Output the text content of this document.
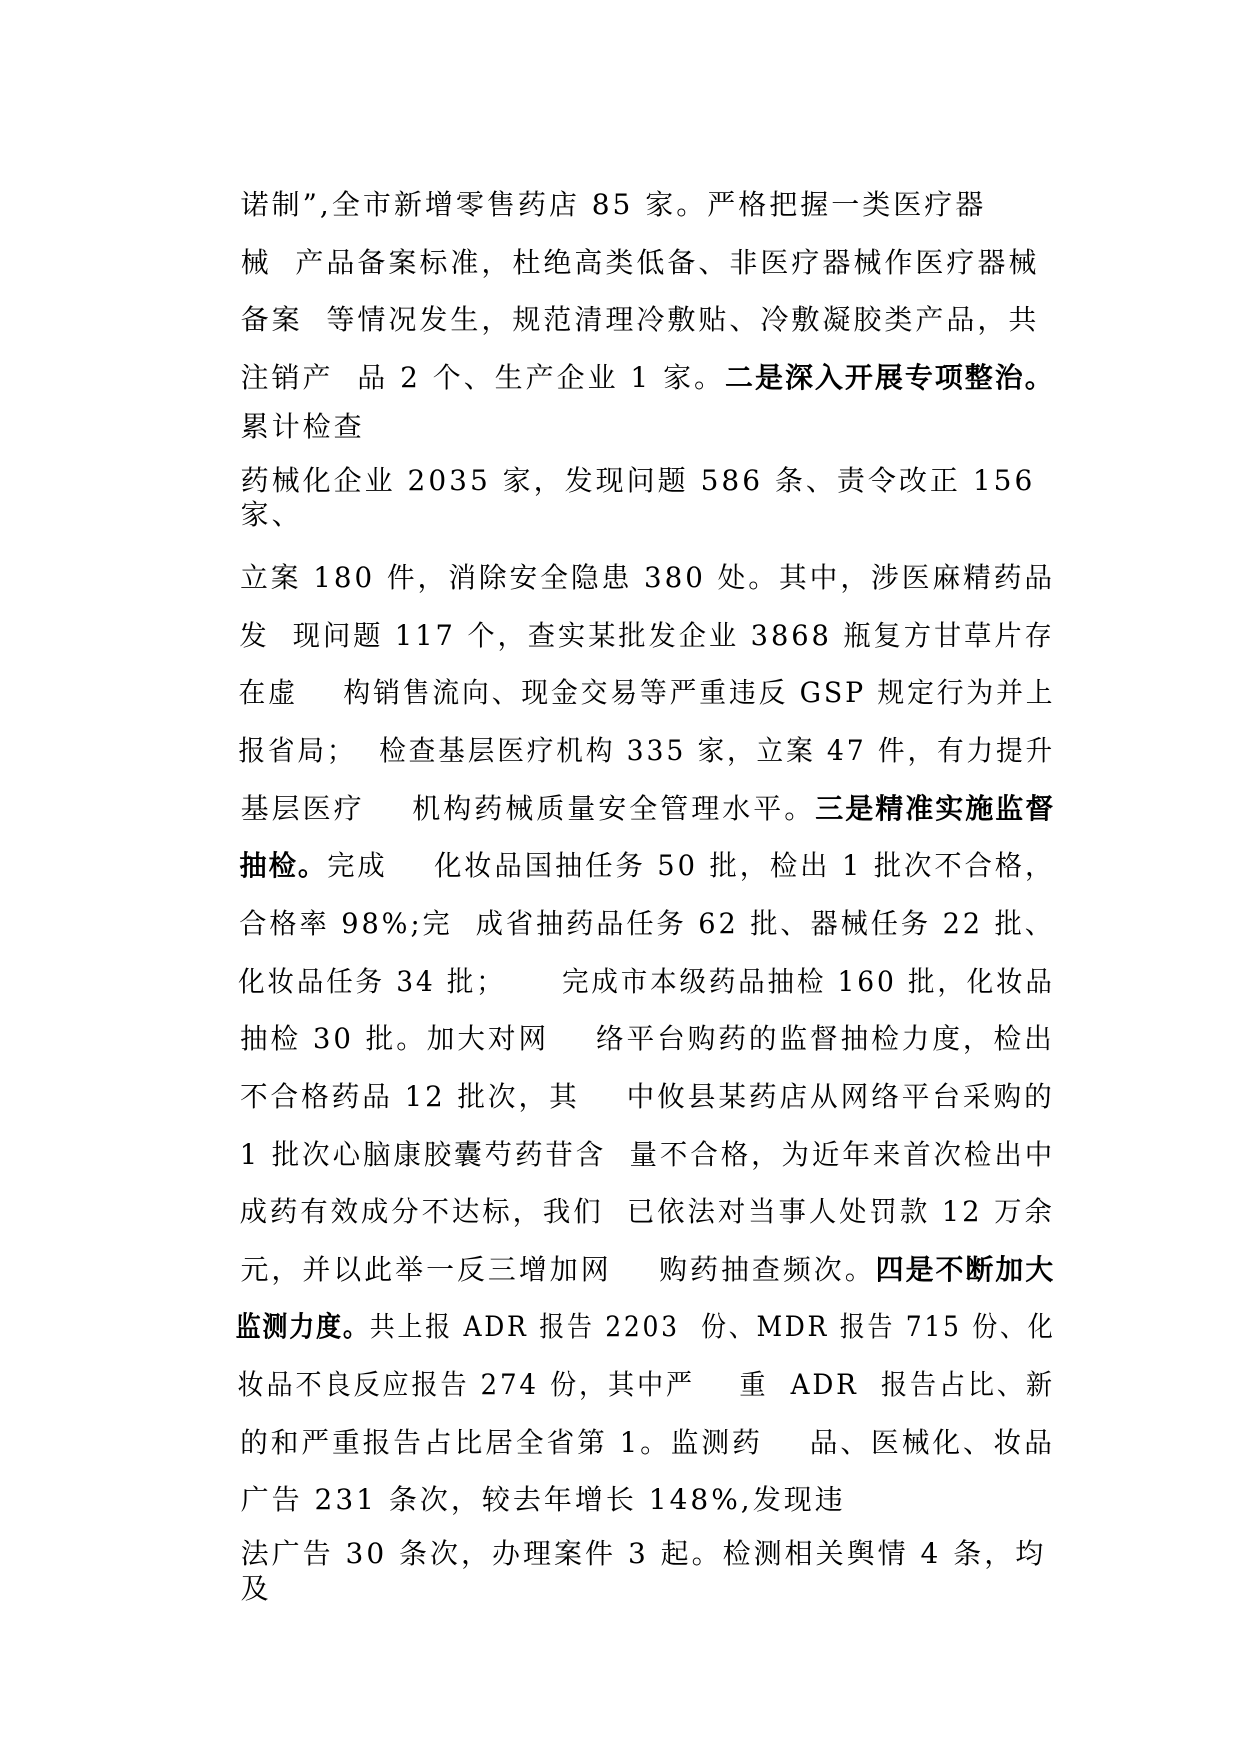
诺制”,全市新增零售药店 85 家。严格把握一类医疗器

械  产品备案标准，杜绝高类低备、非医疗器械作医疗器械

备案  等情况发生，规范清理冷敷贴、冷敷凝胶类产品，共

注销产  品 2 个、生产企业 1 家。二是深入开展专项整治。

累计检查

药械化企业 2035 家，发现问题 586 条、责令改正 156

家、

立案 180 件，消除安全隐患 380 处。其中，涉医麻精药品

发  现问题 117 个，查实某批发企业 3868 瓶复方甘草片存

在虚    构销售流向、现金交易等严重违反 GSP 规定行为并上

报省局；  检查基层医疗机构 335 家，立案 47 件，有力提升

基层医疗    机构药械质量安全管理水平。三是精准实施监督

抽检。完成    化妆品国抽任务 50 批，检出 1 批次不合格，

合格率 98%;完  成省抽药品任务 62 批、器械任务 22 批、

化妆品任务 34 批；     完成市本级药品抽检 160 批，化妆品

抽检 30 批。加大对网    络平台购药的监督抽检力度，检出

不合格药品 12 批次，其    中攸县某药店从网络平台采购的

1 批次心脑康胶囊芍药苷含  量不合格，为近年来首次检出中

成药有效成分不达标，我们  已依法对当事人处罚款 12 万余

元，并以此举一反三增加网    购药抽查频次。四是不断加大

监测力度。共上报 ADR 报告 2203  份、MDR 报告 715 份、化

妆品不良反应报告 274 份，其中严    重  ADR  报告占比、新

的和严重报告占比居全省第 1。监测药    品、医械化、妆品

广告 231 条次，较去年增长 148%,发现违

法广告 30 条次，办理案件 3 起。检测相关舆情 4 条，均

及
